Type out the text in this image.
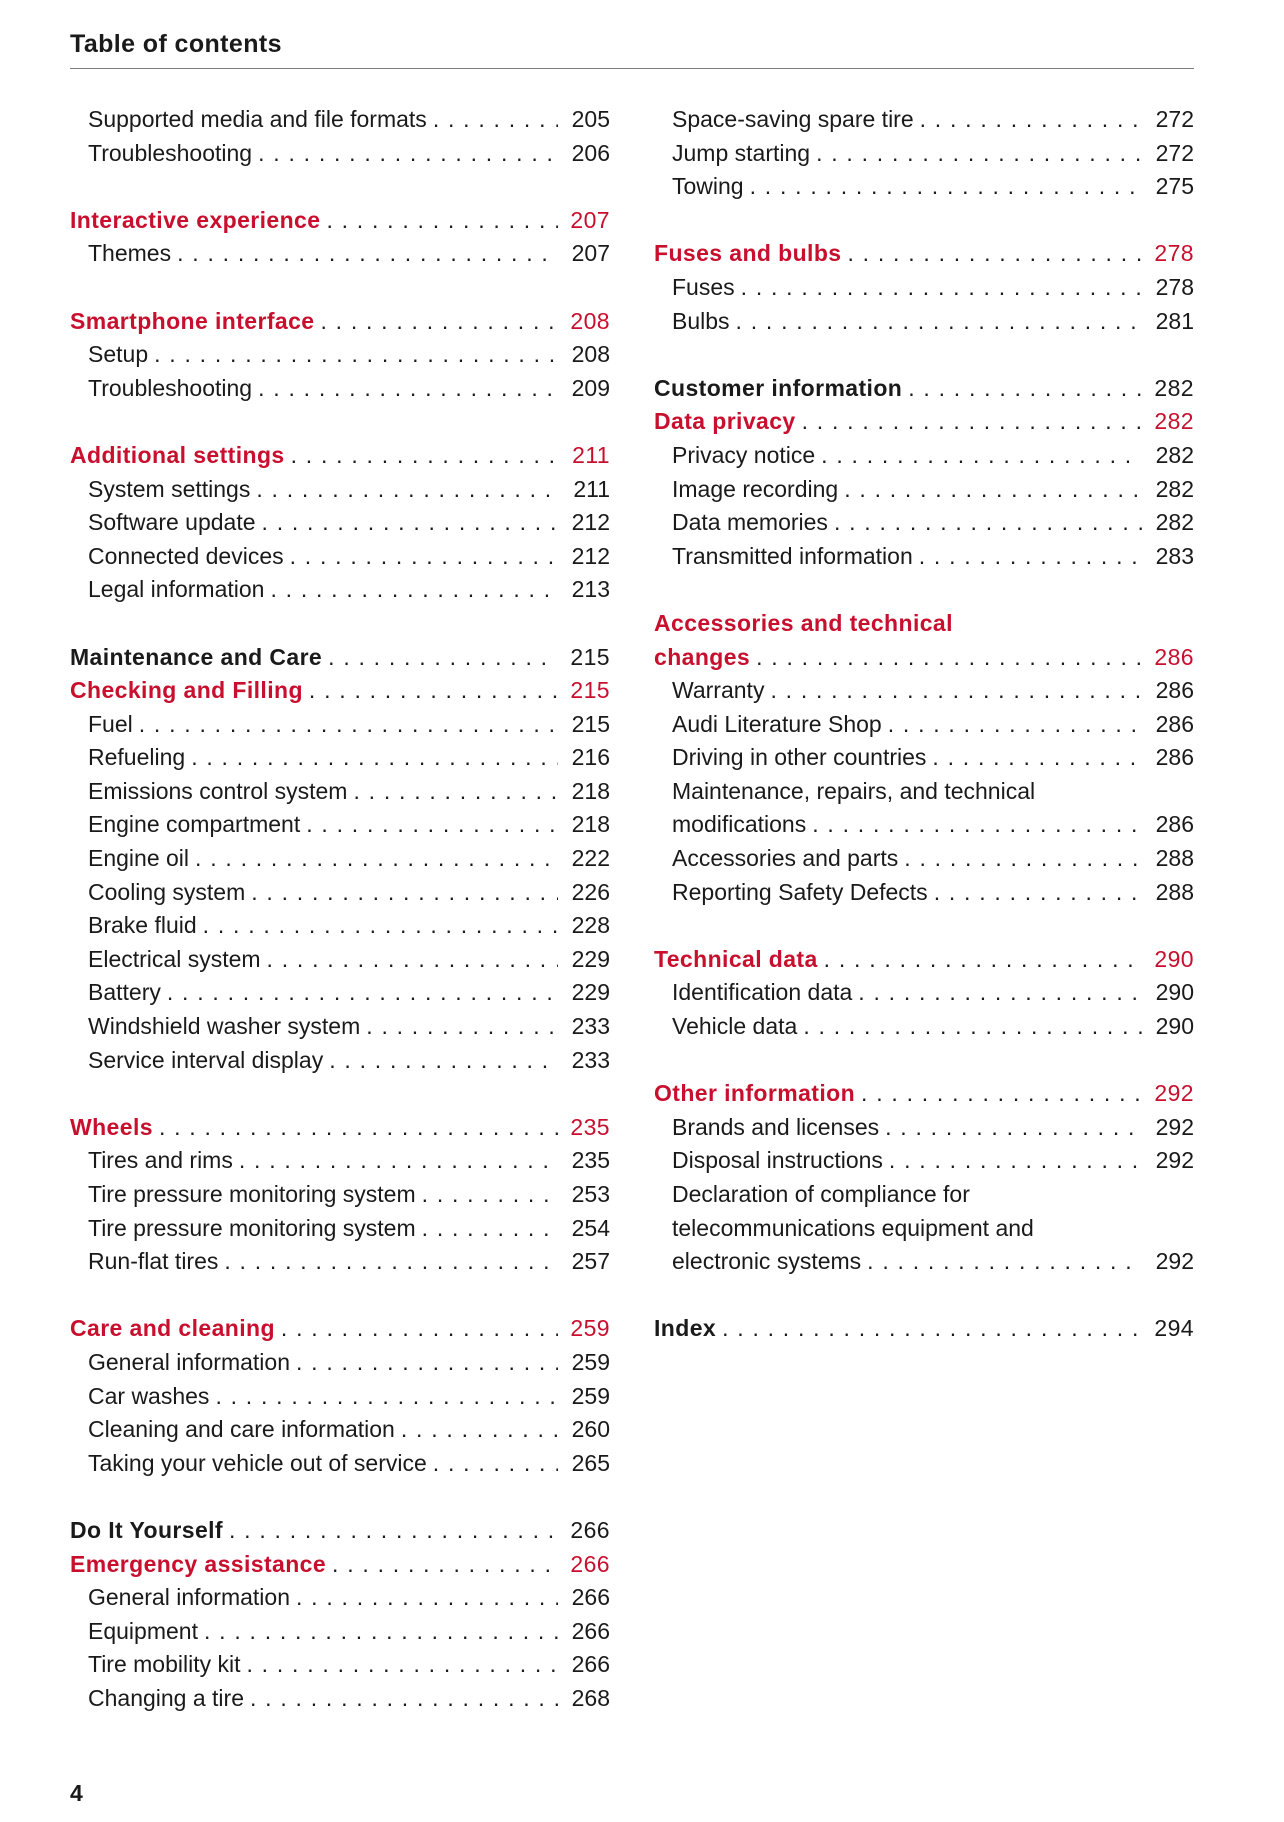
Table of contents
Supported media and file formats . . .	205
Troubleshooting . . .	206
Interactive experience . . .	207
Themes . . .	207
Smartphone interface . . .	208
Setup . . .	208
Troubleshooting . . .	209
Additional settings . . .	211
System settings . . .	211
Software update . . .	212
Connected devices . . .	212
Legal information . . .	213
Maintenance and Care . . .	215
Checking and Filling . . .	215
Fuel . . .	215
Refueling . . .	216
Emissions control system . . .	218
Engine compartment . . .	218
Engine oil . . .	222
Cooling system . . .	226
Brake fluid . . .	228
Electrical system . . .	229
Battery . . .	229
Windshield washer system . . .	233
Service interval display . . .	233
Wheels . . .	235
Tires and rims . . .	235
Tire pressure monitoring system . . .	253
Tire pressure monitoring system . . .	254
Run-flat tires . . .	257
Care and cleaning . . .	259
General information . . .	259
Car washes . . .	259
Cleaning and care information . . .	260
Taking your vehicle out of service . . .	265
Do It Yourself . . .	266
Emergency assistance . . .	266
General information . . .	266
Equipment . . .	266
Tire mobility kit . . .	266
Changing a tire . . .	268
Space-saving spare tire . . .	272
Jump starting . . .	272
Towing . . .	275
Fuses and bulbs . . .	278
Fuses . . .	278
Bulbs . . .	281
Customer information . . .	282
Data privacy . . .	282
Privacy notice . . .	282
Image recording . . .	282
Data memories . . .	282
Transmitted information . . .	283
Accessories and technical
changes . . .	286
Warranty . . .	286
Audi Literature Shop . . .	286
Driving in other countries . . .	286
Maintenance, repairs, and technical
modifications . . .	286
Accessories and parts . . .	288
Reporting Safety Defects . . .	288
Technical data . . .	290
Identification data . . .	290
Vehicle data . . .	290
Other information . . .	292
Brands and licenses . . .	292
Disposal instructions . . .	292
Declaration of compliance for
telecommunications equipment and
electronic systems . . .	292
Index . . .	294
4
